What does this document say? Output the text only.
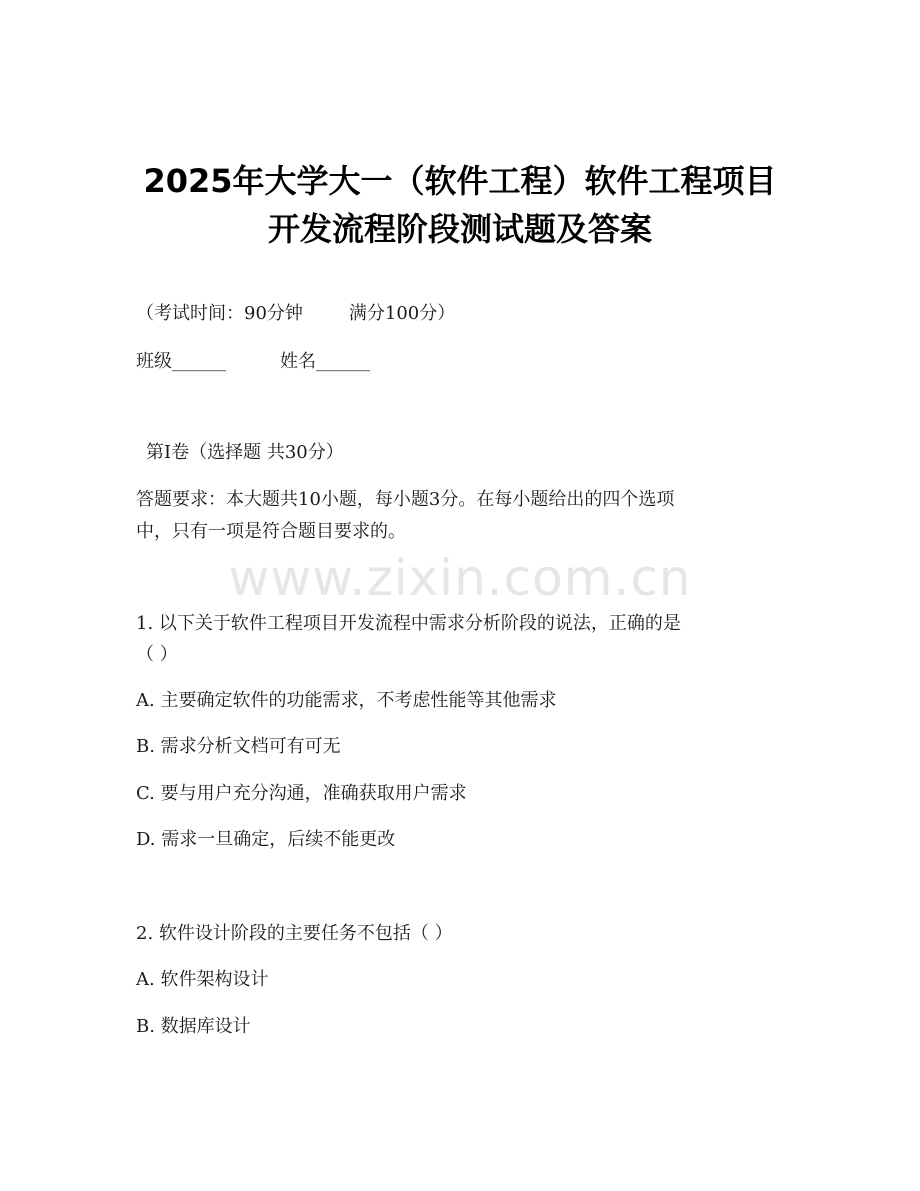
2025年大学大一（软件工程）软件工程项目
开发流程阶段测试题及答案
（考试时间：90分钟	满分100分）
班级______	姓名______
第I卷（选择题 共30分）
答题要求：本大题共10小题，每小题3分。在每小题给出的四个选项
中，只有一项是符合题目要求的。
www.zixin.com.cn
1. 以下关于软件工程项目开发流程中需求分析阶段的说法，正确的是
（ ）
A. 主要确定软件的功能需求，不考虑性能等其他需求
B. 需求分析文档可有可无
C. 要与用户充分沟通，准确获取用户需求
D. 需求一旦确定，后续不能更改
2. 软件设计阶段的主要任务不包括（ ）
A. 软件架构设计
B. 数据库设计
